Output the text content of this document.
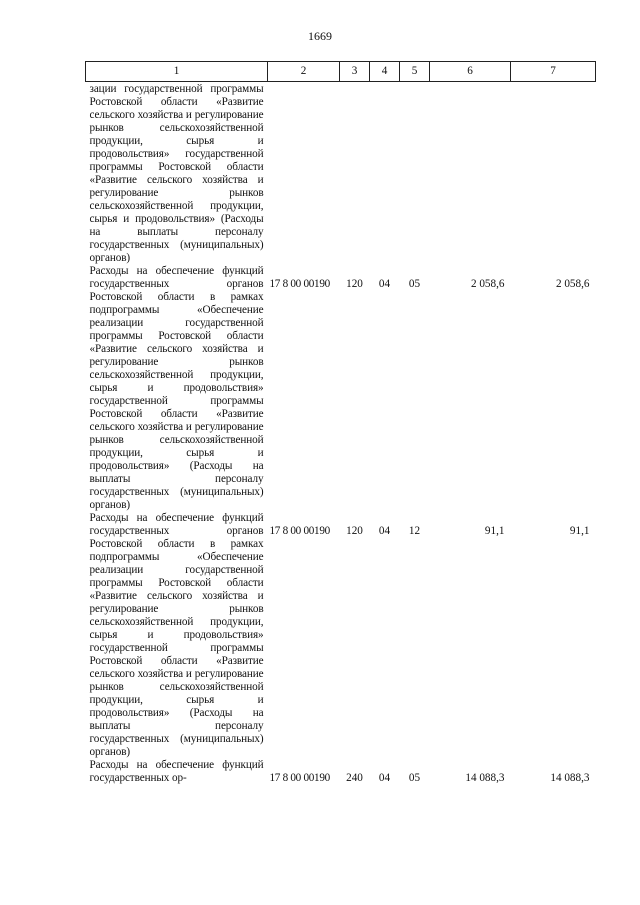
1669
1	2	3	4	5	6	7
зации государственной программы Ростовской области «Развитие сельского хозяйства и регулирование рынков сельскохозяйственной продукции, сырья и продовольствия» государственной программы Ростовской области «Развитие сельского хозяйства и регулирование рынков сельскохозяйственной продукции, сырья и продовольствия» (Расходы на выплаты персоналу государственных (муниципальных) органов)						
Расходы на обеспечение функций государственных органов Ростовской области в рамках подпрограммы «Обеспечение реализации государственной программы Ростовской области «Развитие сельского хозяйства и регулирование рынков сельскохозяйственной продукции, сырья и продовольствия» государственной программы Ростовской области «Развитие сельского хозяйства и регулирование рынков сельскохозяйственной продукции, сырья и продовольствия» (Расходы на выплаты персоналу государственных (муниципальных) органов)	17 8 00 00190	120	04	05	2 058,6	2 058,6
Расходы на обеспечение функций государственных органов Ростовской области в рамках подпрограммы «Обеспечение реализации государственной программы Ростовской области «Развитие сельского хозяйства и регулирование рынков сельскохозяйственной продукции, сырья и продовольствия» государственной программы Ростовской области «Развитие сельского хозяйства и регулирование рынков сельскохозяйственной продукции, сырья и продовольствия» (Расходы на выплаты персоналу государственных (муниципальных) органов)	17 8 00 00190	120	04	12	91,1	91,1
Расходы на обеспечение функций государственных ор-	17 8 00 00190	240	04	05	14 088,3	14 088,3
